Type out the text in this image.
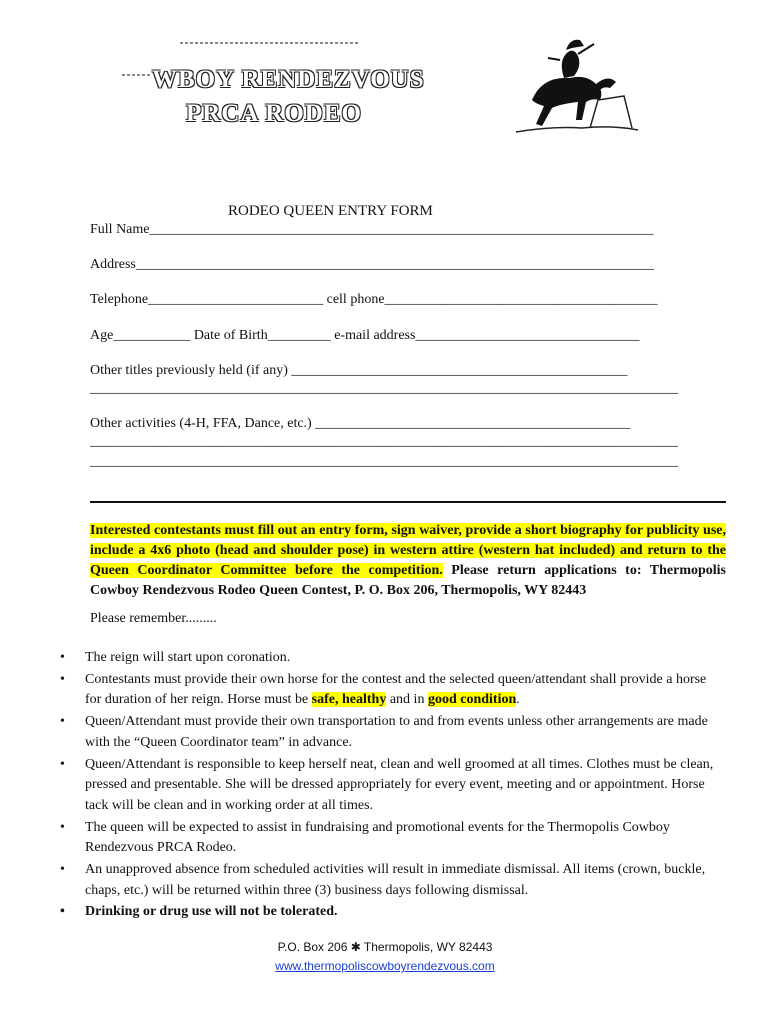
WBOY RENDEZVOUS
PRCA RODEO
RODEO QUEEN ENTRY FORM
Full Name________________________________________________________________________
Address__________________________________________________________________________
Telephone_________________________ cell phone_______________________________________
Age___________ Date of Birth_________ e-mail address________________________________
Other titles previously held (if any) ________________________________________________
____________________________________________________________________________________
Other activities (4-H, FFA, Dance, etc.) _____________________________________________
____________________________________________________________________________________
____________________________________________________________________________________
Interested contestants must fill out an entry form, sign waiver, provide a short biography for publicity use, include a 4x6 photo (head and shoulder pose) in western attire (western hat included) and return to the Queen Coordinator Committee before the competition. Please return applications to: Thermopolis Cowboy Rendezvous Rodeo Queen Contest, P. O. Box 206, Thermopolis, WY 82443
Please remember.........
• The reign will start upon coronation.
• Contestants must provide their own horse for the contest and the selected queen/attendant shall provide a horse for duration of her reign. Horse must be safe, healthy and in good condition.
• Queen/Attendant must provide their own transportation to and from events unless other arrangements are made with the “Queen Coordinator team” in advance.
• Queen/Attendant is responsible to keep herself neat, clean and well groomed at all times. Clothes must be clean, pressed and presentable. She will be dressed appropriately for every event, meeting and or appointment. Horse tack will be clean and in working order at all times.
• The queen will be expected to assist in fundraising and promotional events for the Thermopolis Cowboy Rendezvous PRCA Rodeo.
• An unapproved absence from scheduled activities will result in immediate dismissal. All items (crown, buckle, chaps, etc.) will be returned within three (3) business days following dismissal.
• Drinking or drug use will not be tolerated.
P.O. Box 206 ✱ Thermopolis, WY 82443
www.thermopoliscowboyrendezvous.com
